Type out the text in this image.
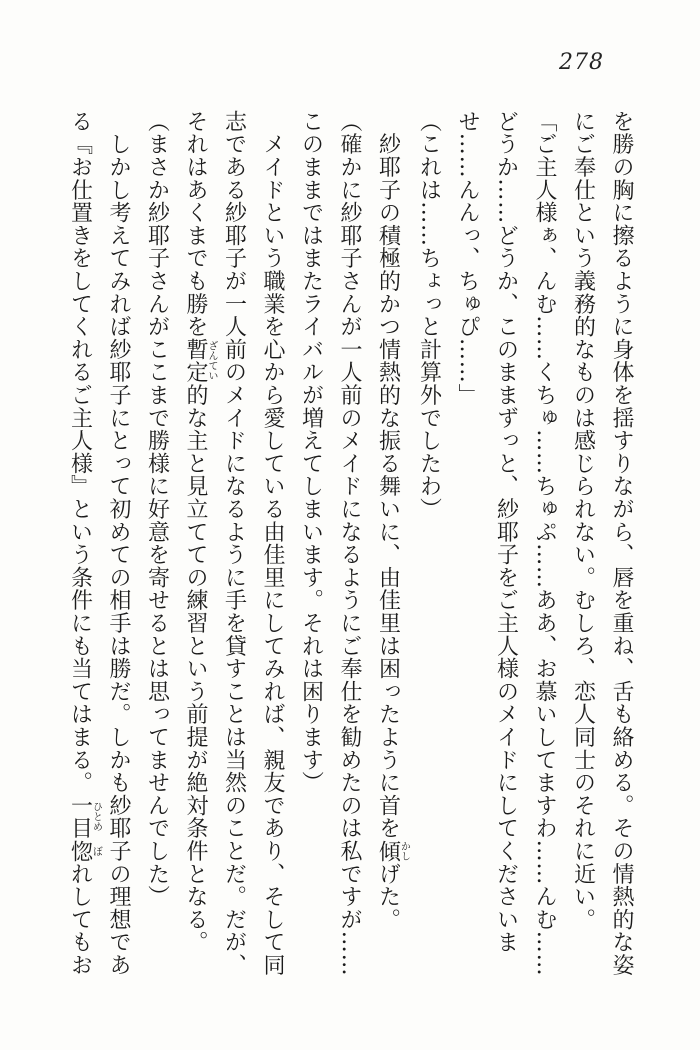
278

を勝の胸に擦るように身体を揺すりながら、唇を重ね、舌も絡める。その情熱的な姿にご奉仕という義務的なものは感じられない。むしろ、恋人同士のそれに近い。

「ご主人様ぁ、んむ……くちゅ……ちゅぷ……ああ、お慕いしてますわ……んむ……どうか……どうか、このままずっと、紗耶子をご主人様のメイドにしてくださいませ……んんっ、ちゅぴ……」

（これは……ちょっと計算外でしたわ）

　紗耶子の積極的かつ情熱的な振る舞いに、由佳里は困ったように首を傾かしげた。

（確かに紗耶子さんが一人前のメイドになるようにご奉仕を勧めたのは私ですが……このままではまたライバルが増えてしまいます。それは困ります）

　メイドという職業を心から愛している由佳里にしてみれば、親友であり、そして同志である紗耶子が一人前のメイドになるように手を貸すことは当然のことだ。だが、それはあくまでも勝を暫定ざんてい的な主と見立てての練習という前提が絶対条件となる。

（まさか紗耶子さんがここまで勝様に好意を寄せるとは思ってませんでした）

　しかし考えてみれば紗耶子にとって初めての相手は勝だ。しかも紗耶子の理想である『お仕置きをしてくれるご主人様』という条件にも当てはまる。一目ひとめ惚ぼれしてもお
